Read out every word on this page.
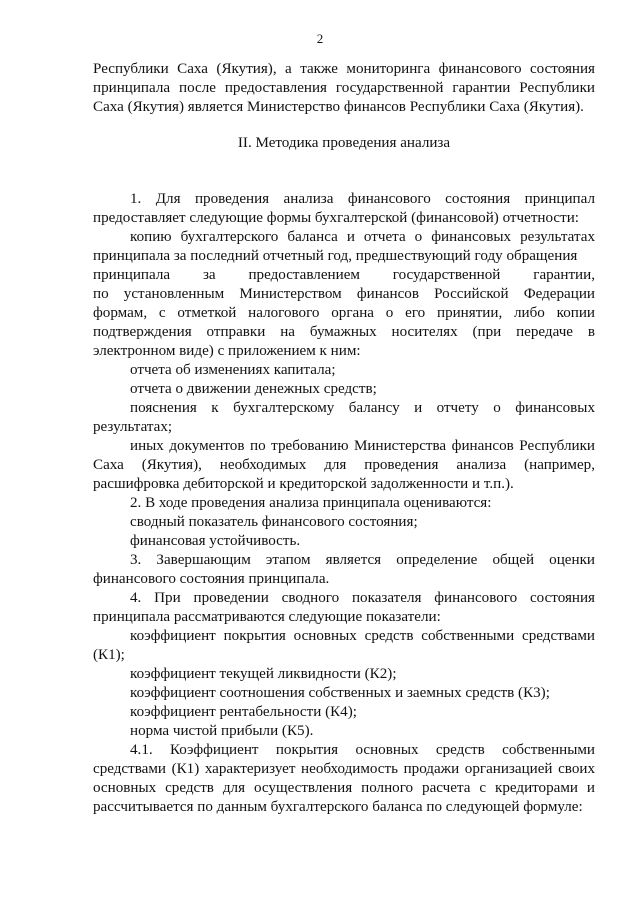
2

Республики Саха (Якутия), а также мониторинга финансового состояния принципала после предоставления государственной гарантии Республики Саха (Якутия) является Министерство финансов Республики Саха (Якутия).

II. Методика проведения анализа

1. Для проведения анализа финансового состояния принципал предоставляет следующие формы бухгалтерской (финансовой) отчетности:

копию бухгалтерского баланса и отчета о финансовых результатах принципала за последний отчетный год, предшествующий году обращения

принципала за предоставлением государственной гарантии,

по установленным Министерством финансов Российской Федерации формам, с отметкой налогового органа о его принятии, либо копии подтверждения отправки на бумажных носителях (при передаче в электронном виде) с приложением к ним:

отчета об изменениях капитала;

отчета о движении денежных средств;

пояснения к бухгалтерскому балансу и отчету о финансовых результатах;

иных документов по требованию Министерства финансов Республики Саха (Якутия), необходимых для проведения анализа (например, расшифровка дебиторской и кредиторской задолженности и т.п.).

2. В ходе проведения анализа принципала оцениваются:

сводный показатель финансового состояния;

финансовая устойчивость.

3. Завершающим этапом является определение общей оценки финансового состояния принципала.

4. При проведении сводного показателя финансового состояния принципала рассматриваются следующие показатели:

коэффициент покрытия основных средств собственными средствами (К1);

коэффициент текущей ликвидности (К2);

коэффициент соотношения собственных и заемных средств (К3);

коэффициент рентабельности (К4);

норма чистой прибыли (К5).

4.1. Коэффициент покрытия основных средств собственными средствами (К1) характеризует необходимость продажи организацией своих основных средств для осуществления полного расчета с кредиторами и рассчитывается по данным бухгалтерского баланса по следующей формуле:
